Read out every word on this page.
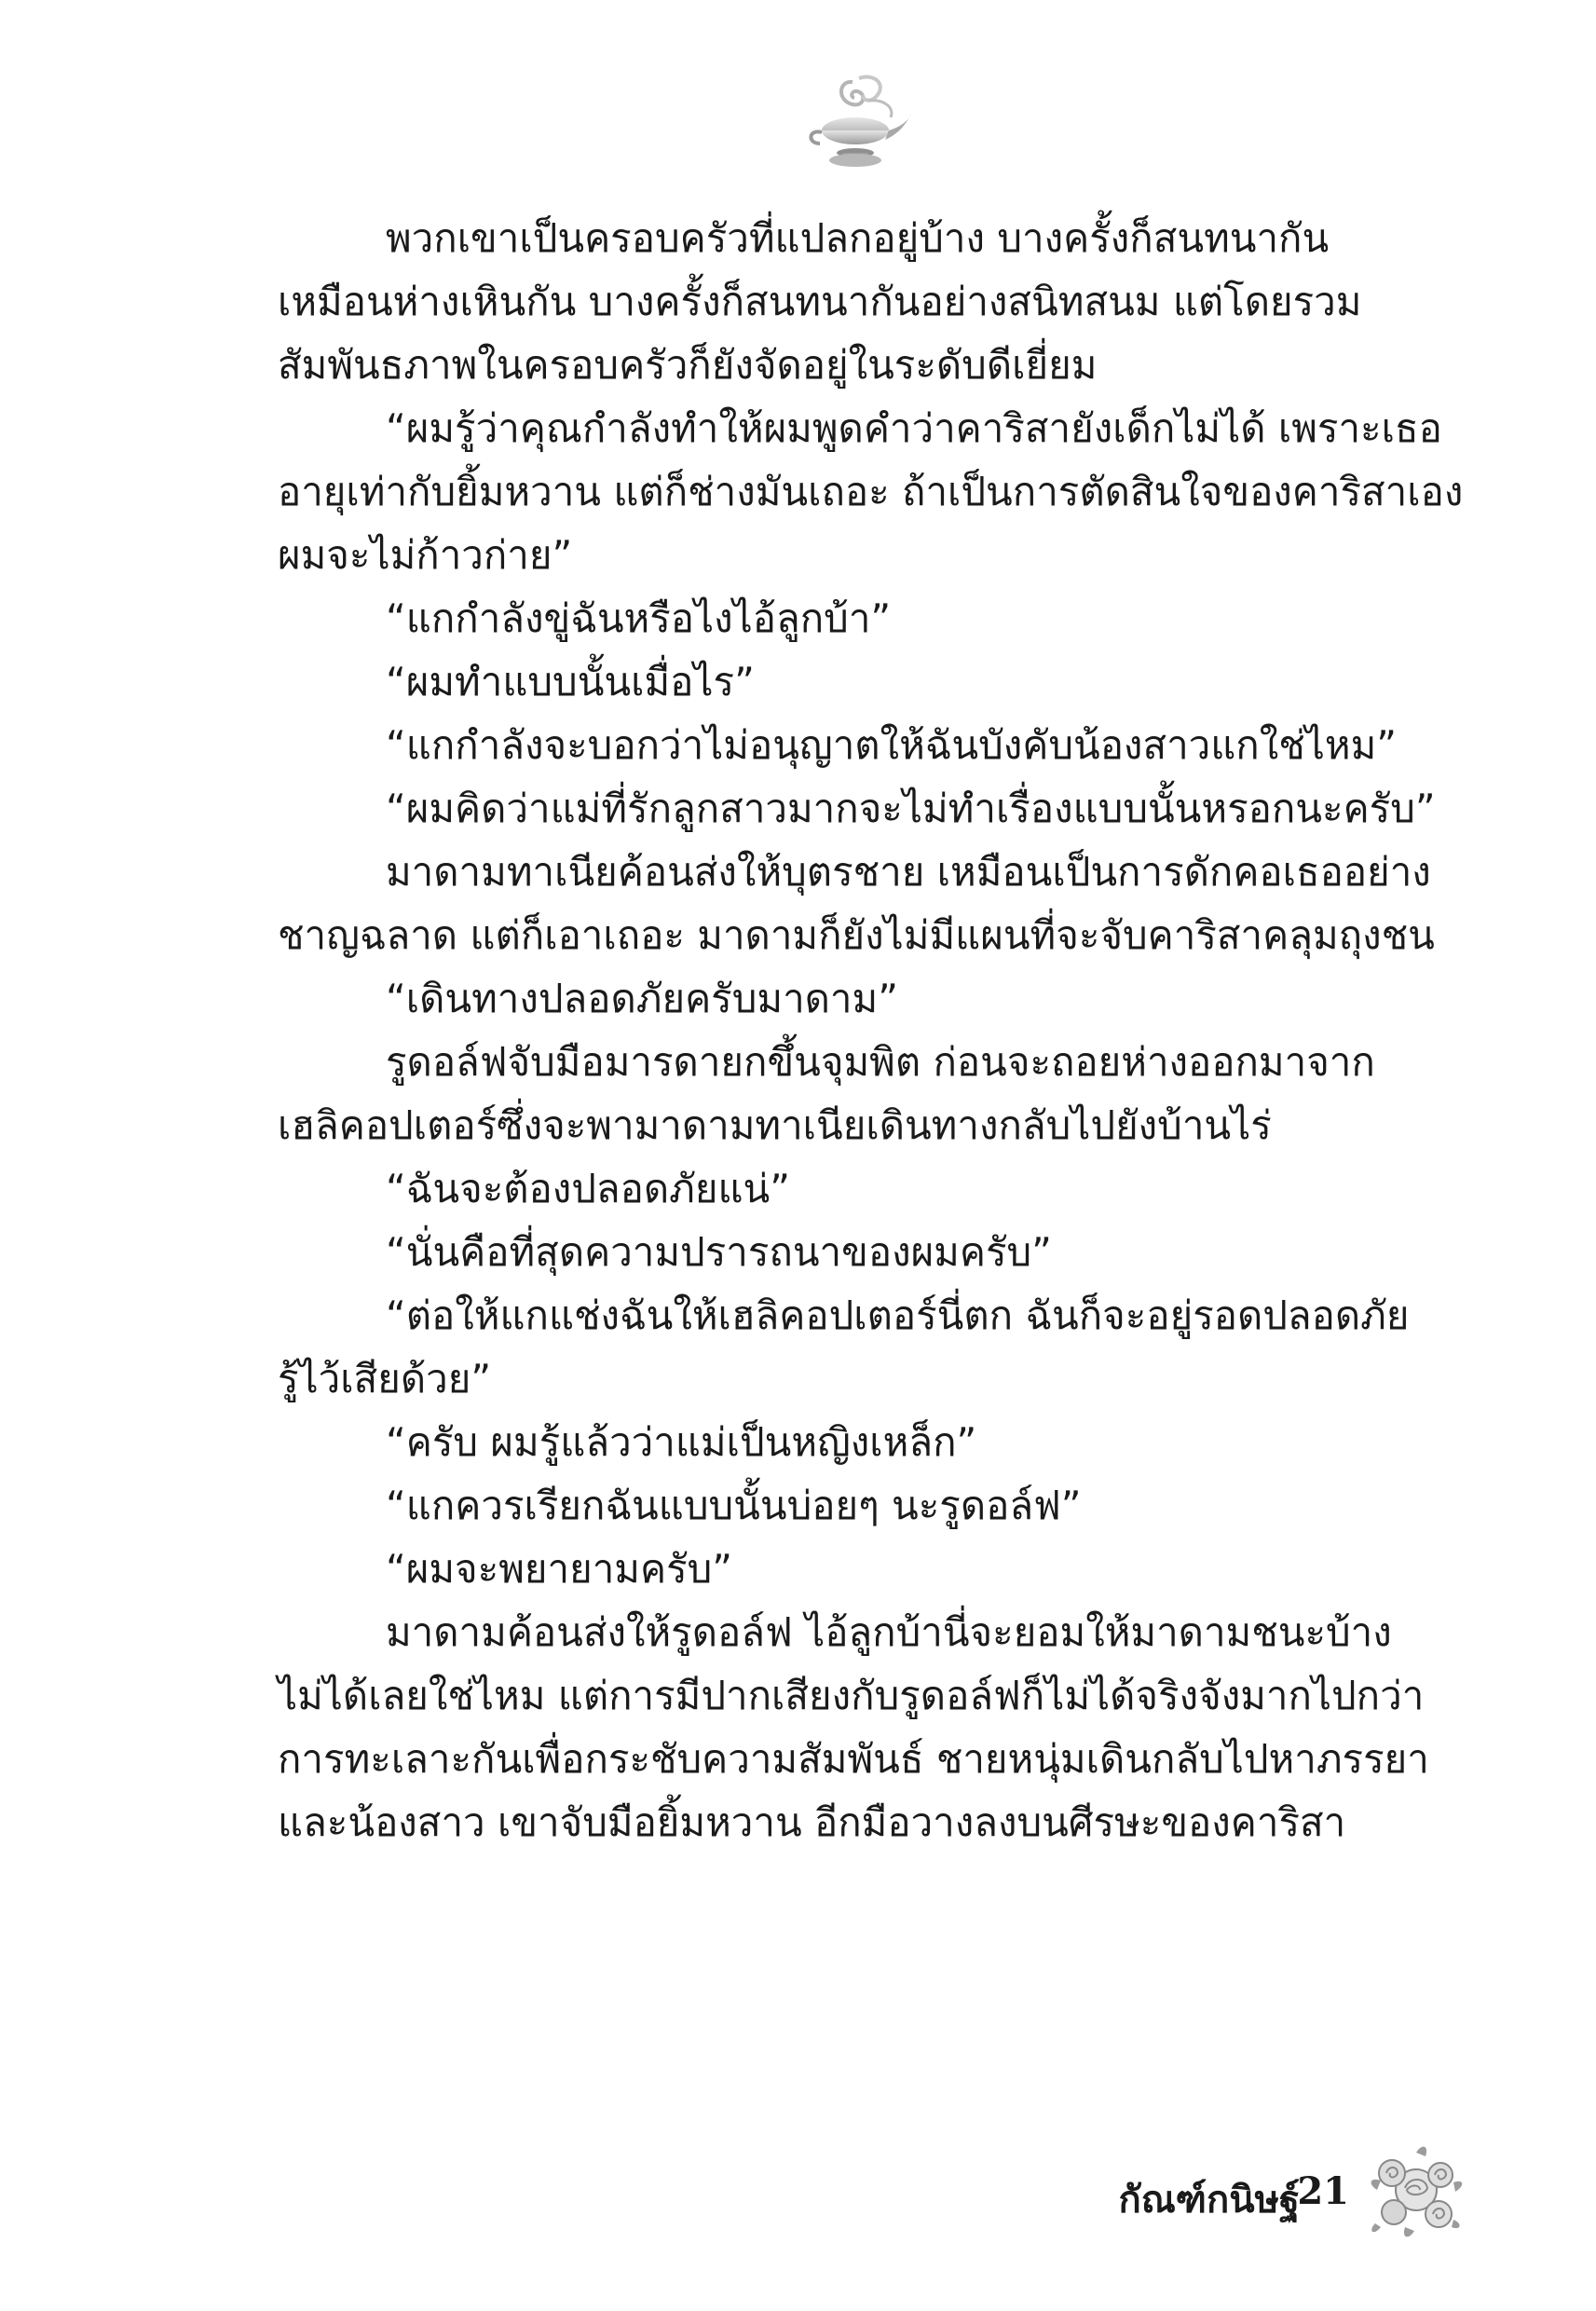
พวกเขาเป็นครอบครัวที่แปลกอยู่บ้าง บางครั้งก็สนทนากัน

เหมือนห่างเหินกัน บางครั้งก็สนทนากันอย่างสนิทสนม แต่โดยรวม

สัมพันธภาพในครอบครัวก็ยังจัดอยู่ในระดับดีเยี่ยม

“ผมรู้ว่าคุณกำลังทำให้ผมพูดคำว่าคาริสายังเด็กไม่ได้ เพราะเธอ

อายุเท่ากับยิ้มหวาน แต่ก็ช่างมันเถอะ ถ้าเป็นการตัดสินใจของคาริสาเอง

ผมจะไม่ก้าวก่าย”

“แกกำลังขู่ฉันหรือไงไอ้ลูกบ้า”

“ผมทำแบบนั้นเมื่อไร”

“แกกำลังจะบอกว่าไม่อนุญาตให้ฉันบังคับน้องสาวแกใช่ไหม”

“ผมคิดว่าแม่ที่รักลูกสาวมากจะไม่ทำเรื่องแบบนั้นหรอกนะครับ”

มาดามทาเนียค้อนส่งให้บุตรชาย เหมือนเป็นการดักคอเธออย่าง

ชาญฉลาด แต่ก็เอาเถอะ มาดามก็ยังไม่มีแผนที่จะจับคาริสาคลุมถุงชน

“เดินทางปลอดภัยครับมาดาม”

รูดอล์ฟจับมือมารดายกขึ้นจุมพิต ก่อนจะถอยห่างออกมาจาก

เฮลิคอปเตอร์ซึ่งจะพามาดามทาเนียเดินทางกลับไปยังบ้านไร่

“ฉันจะต้องปลอดภัยแน่”

“นั่นคือที่สุดความปรารถนาของผมครับ”

“ต่อให้แกแช่งฉันให้เฮลิคอปเตอร์นี่ตก ฉันก็จะอยู่รอดปลอดภัย

รู้ไว้เสียด้วย”

“ครับ ผมรู้แล้วว่าแม่เป็นหญิงเหล็ก”

“แกควรเรียกฉันแบบนั้นบ่อยๆ นะรูดอล์ฟ”

“ผมจะพยายามครับ”

มาดามค้อนส่งให้รูดอล์ฟ ไอ้ลูกบ้านี่จะยอมให้มาดามชนะบ้าง

ไม่ได้เลยใช่ไหม แต่การมีปากเสียงกับรูดอล์ฟก็ไม่ได้จริงจังมากไปกว่า

การทะเลาะกันเพื่อกระชับความสัมพันธ์ ชายหนุ่มเดินกลับไปหาภรรยา

และน้องสาว เขาจับมือยิ้มหวาน อีกมือวางลงบนศีรษะของคาริสา

กัณฑ์กนิษฐ์
21
